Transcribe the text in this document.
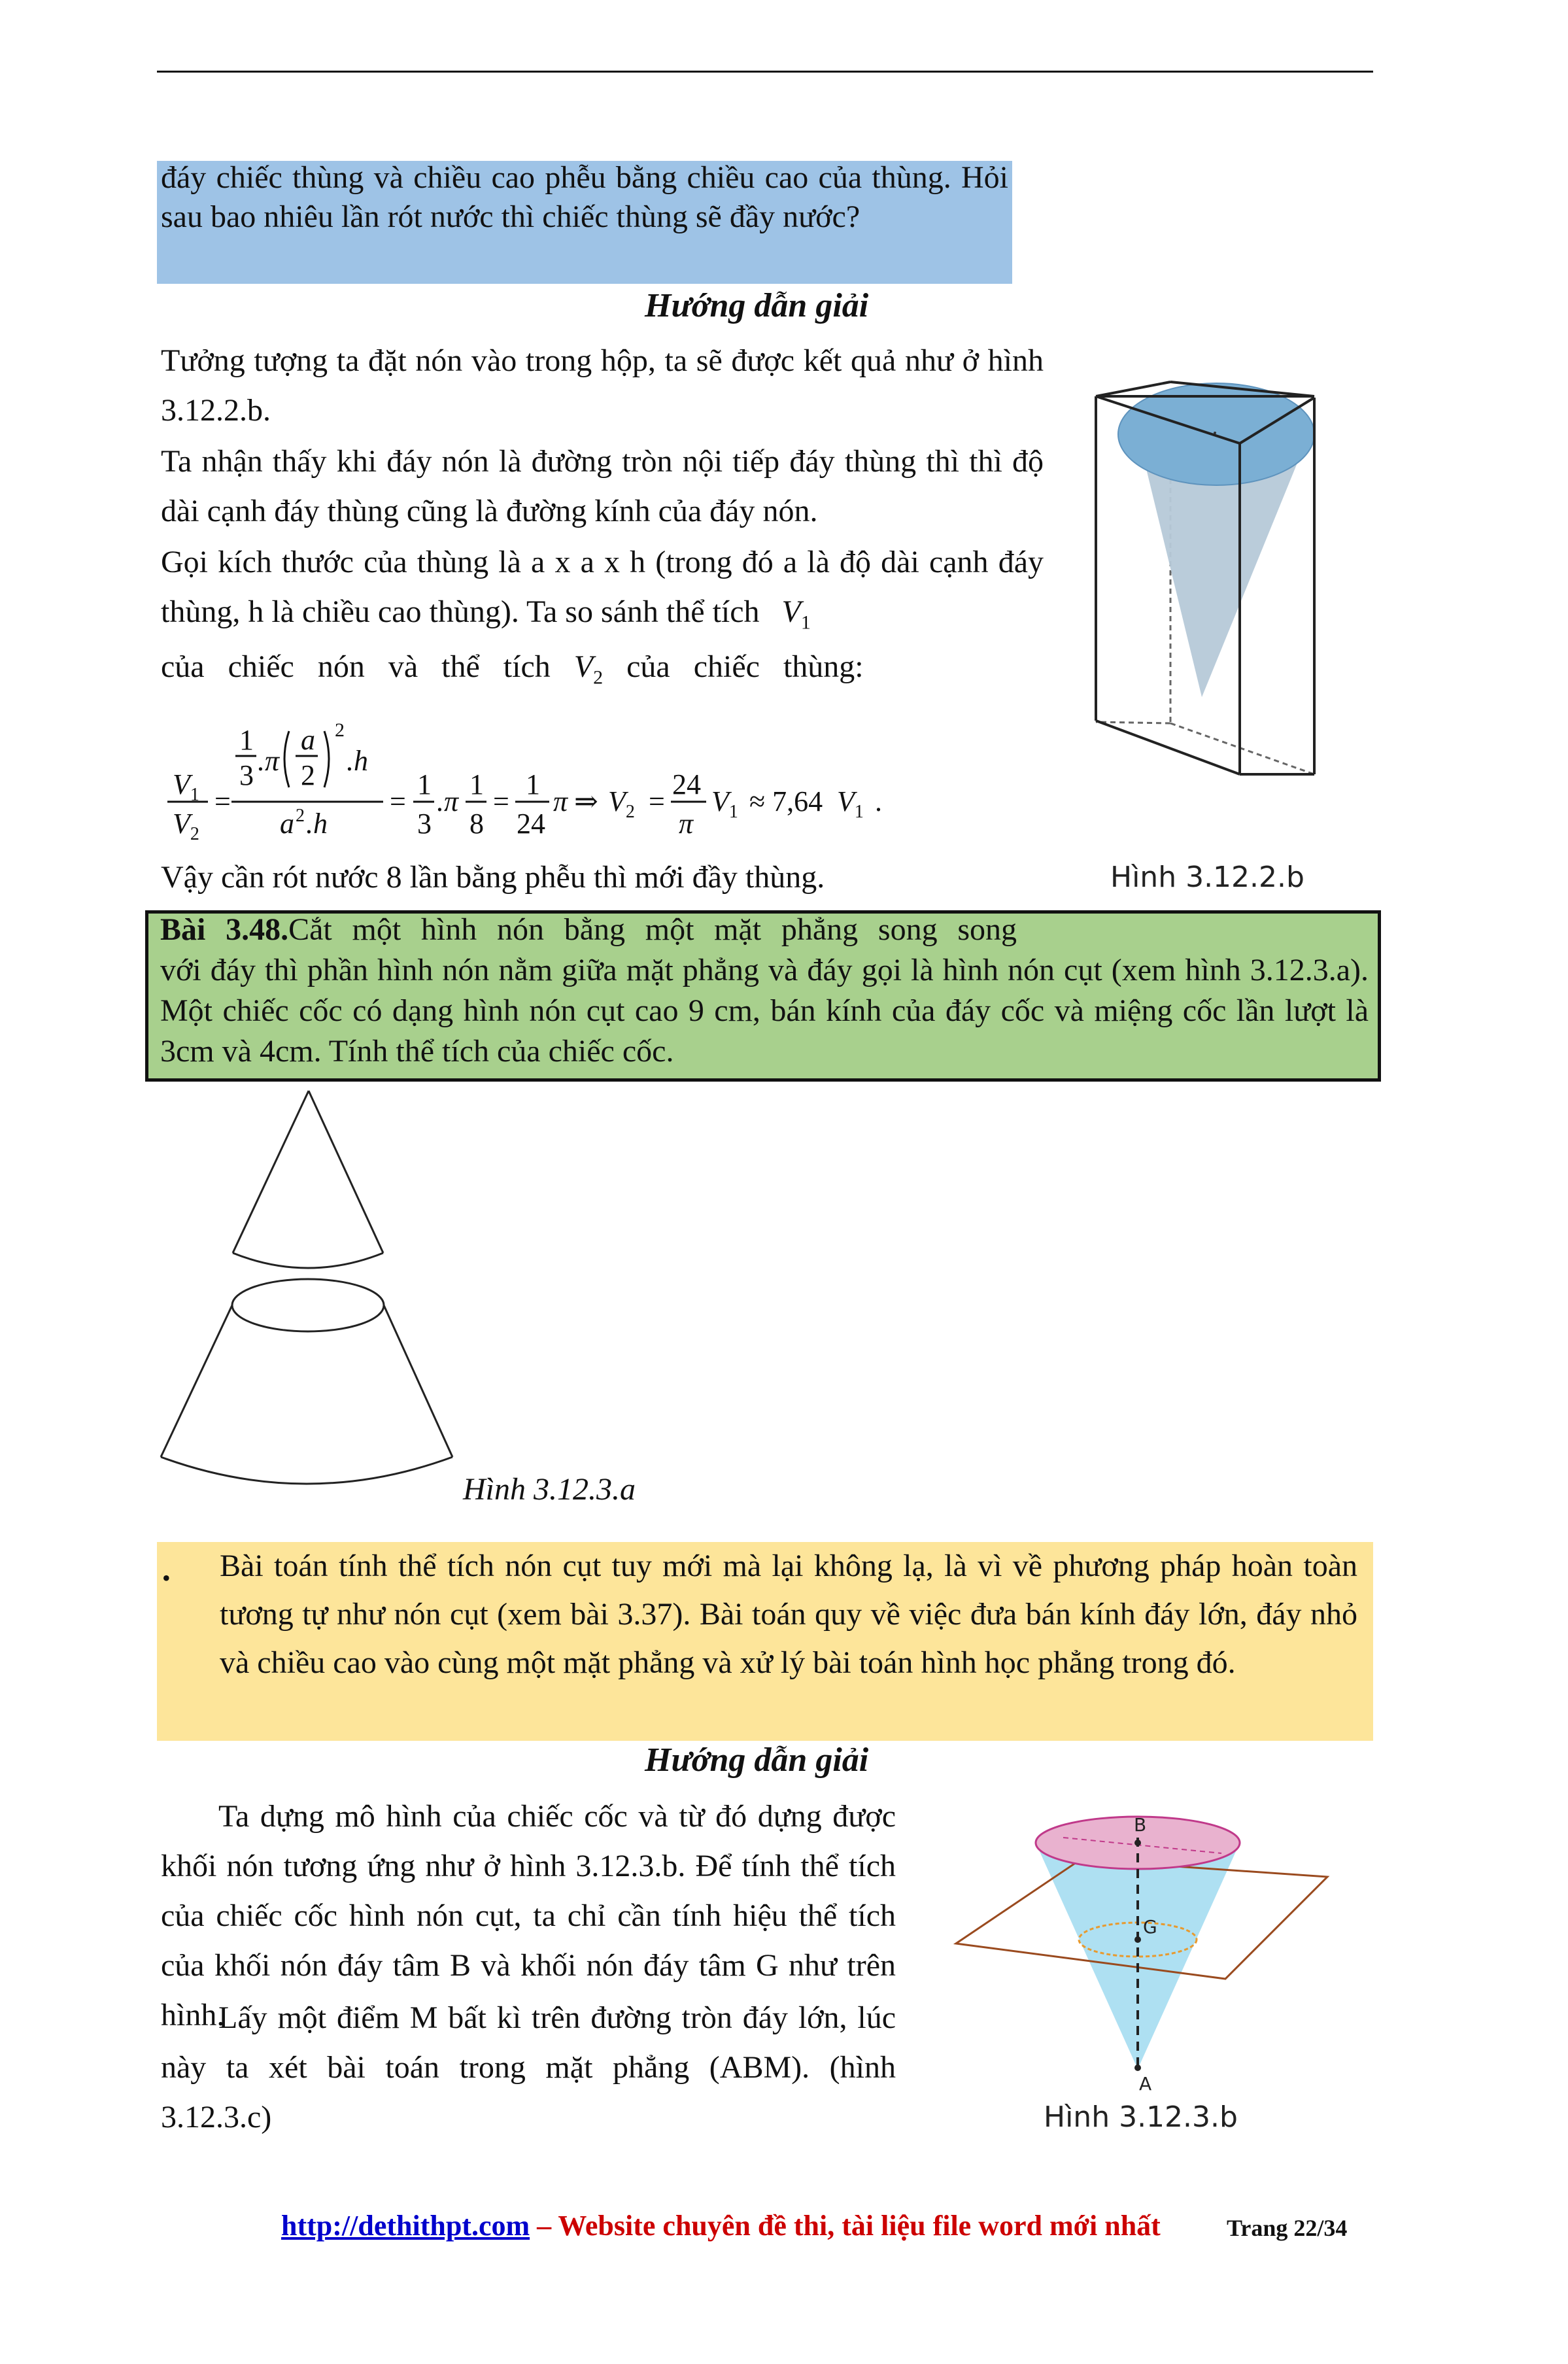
đáy chiếc thùng và chiều cao phễu bằng chiều cao của thùng. Hỏi sau bao nhiêu lần rót nước thì chiếc thùng sẽ đầy nước?
Hướng dẫn giải
Tưởng tượng ta đặt nón vào trong hộp, ta sẽ được kết quả như ở hình 3.12.2.b.
Ta nhận thấy khi đáy nón là đường tròn nội tiếp đáy thùng thì thì độ dài cạnh đáy thùng cũng là đường kính của đáy nón.
Gọi kích thước của thùng là a x a x h (trong đó a là độ dài cạnh đáy thùng, h là chiều cao thùng). Ta so sánh thể tích $V_1$
của   chiếc   nón   và   thể   tích $V_2$ của   chiếc   thùng:
$V_1$
$V_2$
=
1
3 .π
a
2
2
.h
a 2 .h
=
1
3
.π
1
8
=
1
24
π ⇒ $V_2$ =
24
π
$V_1 \approx 7,64$ $V_1$ .
Vậy cần rót nước 8 lần bằng phễu thì mới đầy thùng.	Hình 3.12.2.b
Bài 3.48.Cắt một hình nón bằng một mặt phẳng song song
với đáy thì phần hình nón nằm giữa mặt phẳng và đáy gọi là hình nón cụt (xem hình 3.12.3.a). Một chiếc cốc có dạng hình nón cụt cao 9 cm, bán kính của đáy cốc và miệng cốc lần lượt là 3cm và 4cm. Tính thể tích của chiếc cốc.
Hình 3.12.3.a
• Bài toán tính thể tích nón cụt tuy mới mà lại không lạ, là vì về phương pháp hoàn toàn tương tự như nón cụt (xem bài 3.37). Bài toán quy về việc đưa bán kính đáy lớn, đáy nhỏ và chiều cao vào cùng một mặt phẳng và xử lý bài toán hình học phẳng trong đó.
Hướng dẫn giải
Ta dựng mô hình của chiếc cốc và từ đó dựng được khối nón tương ứng như ở hình 3.12.3.b. Để tính thể tích của chiếc cốc hình nón cụt, ta chỉ cần tính hiệu thể tích của khối nón đáy tâm B và khối nón đáy tâm G như trên hình.
Lấy một điểm M bất kì trên đường tròn đáy lớn, lúc này ta xét bài toán trong mặt phẳng (ABM). (hình 3.12.3.c)
B
G
A
Hình 3.12.3.b
http://dethithpt.com – Website chuyên đề thi, tài liệu file word mới nhất	Trang 22/34
